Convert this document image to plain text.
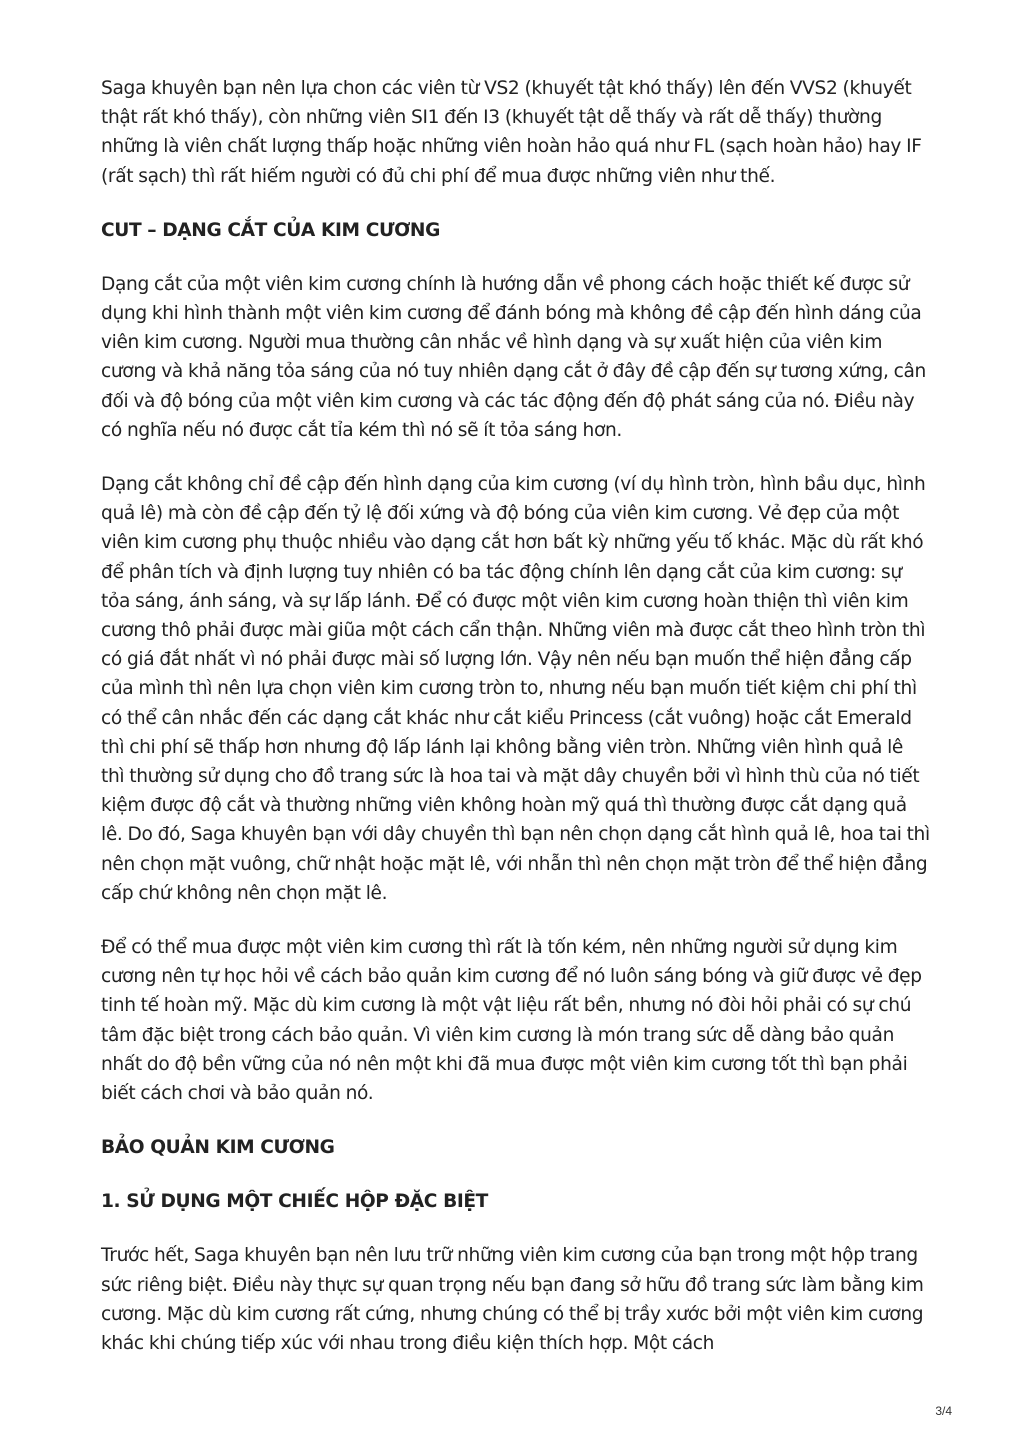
Saga khuyên bạn nên lựa chon các viên từ VS2 (khuyết tật khó thấy) lên đến VVS2 (khuyết thật rất khó thấy), còn những viên SI1 đến I3 (khuyết tật dễ thấy và rất dễ thấy) thường những là viên chất lượng thấp hoặc những viên hoàn hảo quá như FL (sạch hoàn hảo) hay IF (rất sạch) thì rất hiếm người có đủ chi phí để mua được những viên như thế.

CUT – DẠNG CẮT CỦA KIM CƯƠNG

Dạng cắt của một viên kim cương chính là hướng dẫn về phong cách hoặc thiết kế được sử dụng khi hình thành một viên kim cương để đánh bóng mà không đề cập đến hình dáng của viên kim cương. Người mua thường cân nhắc về hình dạng và sự xuất hiện của viên kim cương và khả năng tỏa sáng của nó tuy nhiên dạng cắt ở đây đề cập đến sự tương xứng, cân đối và độ bóng của một viên kim cương và các tác động đến độ phát sáng của nó. Điều này có nghĩa nếu nó được cắt tỉa kém thì nó sẽ ít tỏa sáng hơn.

Dạng cắt không chỉ đề cập đến hình dạng của kim cương (ví dụ hình tròn, hình bầu dục, hình quả lê) mà còn đề cập đến tỷ lệ đối xứng và độ bóng của viên kim cương. Vẻ đẹp của một viên kim cương phụ thuộc nhiều vào dạng cắt hơn bất kỳ những yếu tố khác. Mặc dù rất khó để phân tích và định lượng tuy nhiên có ba tác động chính lên dạng cắt của kim cương: sự tỏa sáng, ánh sáng, và sự lấp lánh. Để có được một viên kim cương hoàn thiện thì viên kim cương thô phải được mài giũa một cách cẩn thận. Những viên mà được cắt theo hình tròn thì có giá đắt nhất vì nó phải được mài số lượng lớn. Vậy nên nếu bạn muốn thể hiện đẳng cấp của mình thì nên lựa chọn viên kim cương tròn to, nhưng nếu bạn muốn tiết kiệm chi phí thì có thể cân nhắc đến các dạng cắt khác như cắt kiểu Princess (cắt vuông) hoặc cắt Emerald thì chi phí sẽ thấp hơn nhưng độ lấp lánh lại không bằng viên tròn. Những viên hình quả lê thì thường sử dụng cho đồ trang sức là hoa tai và mặt dây chuyền bởi vì hình thù của nó tiết kiệm được độ cắt và thường những viên không hoàn mỹ quá thì thường được cắt dạng quả lê. Do đó, Saga khuyên bạn với dây chuyền thì bạn nên chọn dạng cắt hình quả lê, hoa tai thì nên chọn mặt vuông, chữ nhật hoặc mặt lê, với nhẫn thì nên chọn mặt tròn để thể hiện đẳng cấp chứ không nên chọn mặt lê.

Để có thể mua được một viên kim cương thì rất là tốn kém, nên những người sử dụng kim cương nên tự học hỏi về cách bảo quản kim cương để nó luôn sáng bóng và giữ được vẻ đẹp tinh tế hoàn mỹ. Mặc dù kim cương là một vật liệu rất bền, nhưng nó đòi hỏi phải có sự chú tâm đặc biệt trong cách bảo quản. Vì viên kim cương là món trang sức dễ dàng bảo quản nhất do độ bền vững của nó nên một khi đã mua được một viên kim cương tốt thì bạn phải biết cách chơi và bảo quản nó.

BẢO QUẢN KIM CƯƠNG
1. SỬ DỤNG MỘT CHIẾC HỘP ĐẶC BIỆT

Trước hết, Saga khuyên bạn nên lưu trữ những viên kim cương của bạn trong một hộp trang sức riêng biệt. Điều này thực sự quan trọng nếu bạn đang sở hữu đồ trang sức làm bằng kim cương. Mặc dù kim cương rất cứng, nhưng chúng có thể bị trầy xước bởi một viên kim cương khác khi chúng tiếp xúc với nhau trong điều kiện thích hợp. Một cách

3/4
